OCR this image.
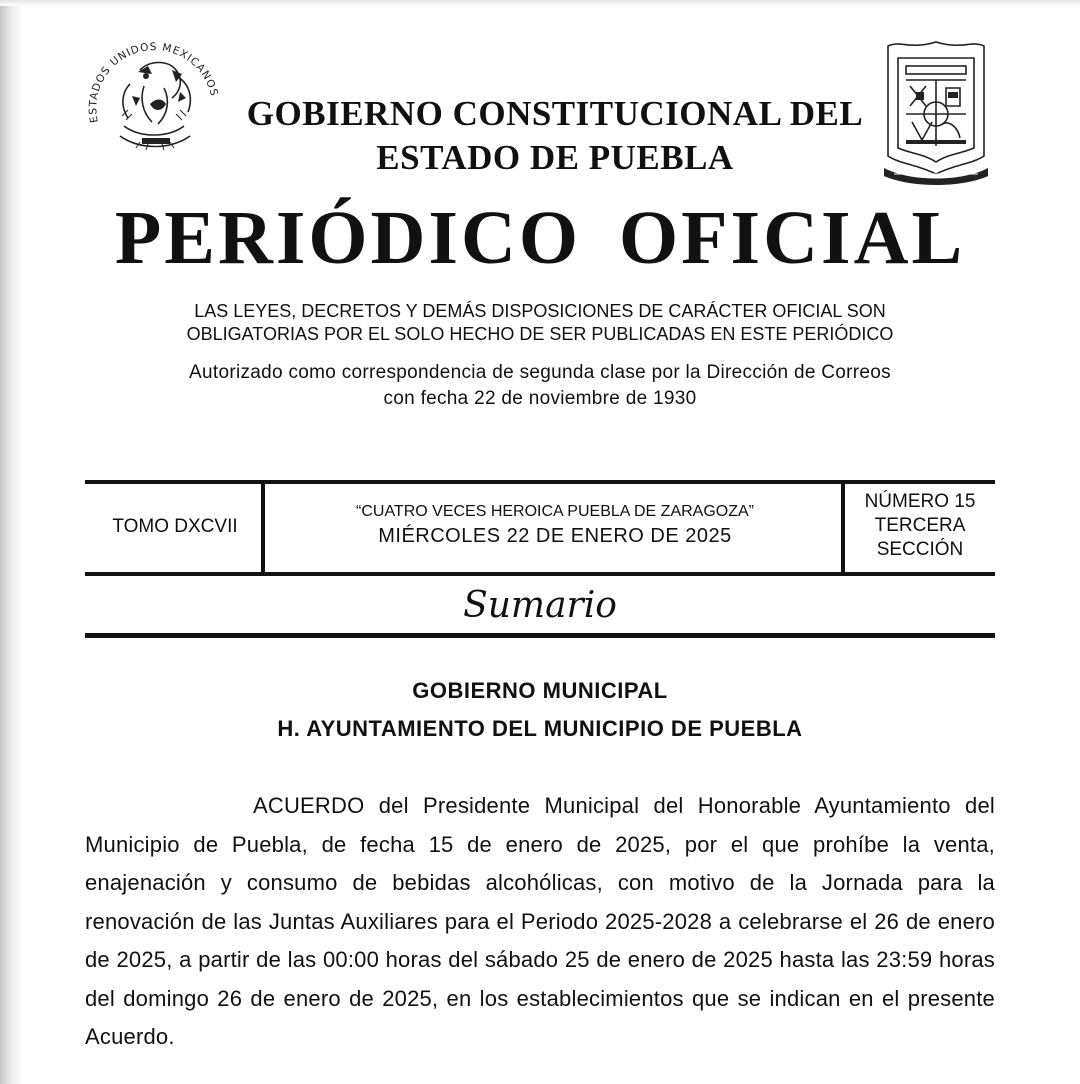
ESTADOS UNIDOS MEXICANOS
GOBIERNO CONSTITUCIONAL DEL
ESTADO DE PUEBLA
PERIÓDICO OFICIAL
LAS LEYES, DECRETOS Y DEMÁS DISPOSICIONES DE CARÁCTER OFICIAL SON
OBLIGATORIAS POR EL SOLO HECHO DE SER PUBLICADAS EN ESTE PERIÓDICO
Autorizado como correspondencia de segunda clase por la Dirección de Correos
con fecha 22 de noviembre de 1930
TOMO DXCVII
“CUATRO VECES HEROICA PUEBLA DE ZARAGOZA”
MIÉRCOLES 22 DE ENERO DE 2025
NÚMERO 15
TERCERA
SECCIÓN
Sumario
GOBIERNO MUNICIPAL
H. AYUNTAMIENTO DEL MUNICIPIO DE PUEBLA
ACUERDO del Presidente Municipal del Honorable Ayuntamiento del Municipio de Puebla, de fecha 15 de enero de 2025, por el que prohíbe la venta, enajenación y consumo de bebidas alcohólicas, con motivo de la Jornada para la renovación de las Juntas Auxiliares para el Periodo 2025-2028 a celebrarse el 26 de enero de 2025, a partir de las 00:00 horas del sábado 25 de enero de 2025 hasta las 23:59 horas del domingo 26 de enero de 2025, en los establecimientos que se indican en el presente Acuerdo.
